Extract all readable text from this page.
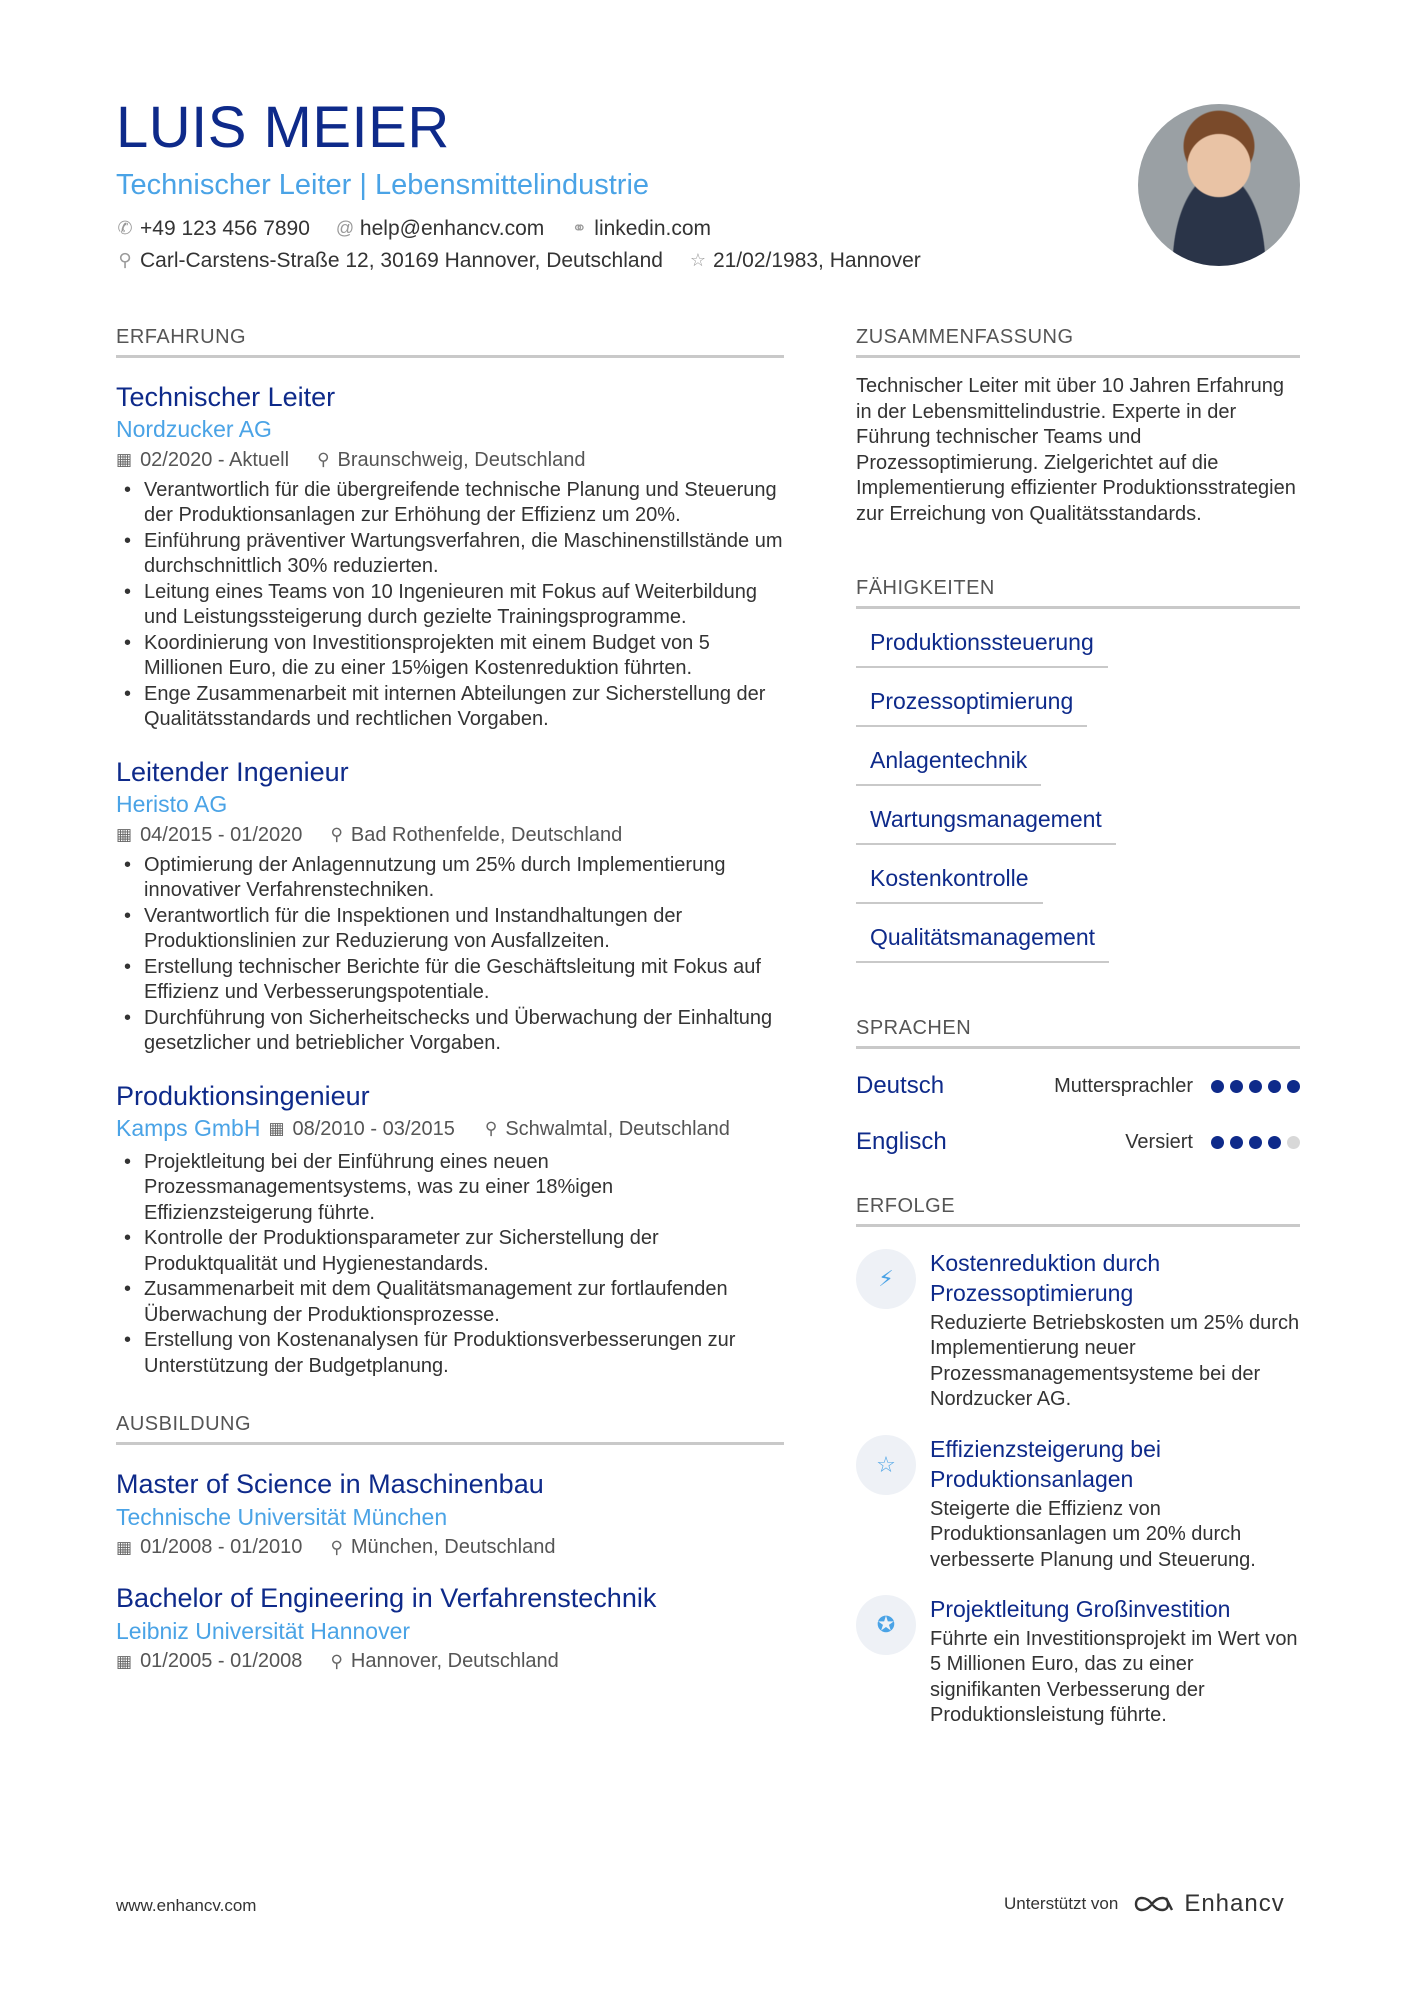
LUIS MEIER
Technischer Leiter | Lebensmittelindustrie
✆ +49 123 456 7890 @ help@enhancv.com ⚭ linkedin.com
⚲ Carl-Carstens-Straße 12, 30169 Hannover, Deutschland ☆ 21/02/1983, Hannover
ERFAHRUNG
Technischer Leiter
Nordzucker AG
▦ 02/2020 - Aktuell ⚲ Braunschweig, Deutschland
• Verantwortlich für die übergreifende technische Planung und Steuerung der Produktionsanlagen zur Erhöhung der Effizienz um 20%.
• Einführung präventiver Wartungsverfahren, die Maschinenstillstände um durchschnittlich 30% reduzierten.
• Leitung eines Teams von 10 Ingenieuren mit Fokus auf Weiterbildung und Leistungssteigerung durch gezielte Trainingsprogramme.
• Koordinierung von Investitionsprojekten mit einem Budget von 5 Millionen Euro, die zu einer 15%igen Kostenreduktion führten.
• Enge Zusammenarbeit mit internen Abteilungen zur Sicherstellung der Qualitätsstandards und rechtlichen Vorgaben.
Leitender Ingenieur
Heristo AG
▦ 04/2015 - 01/2020 ⚲ Bad Rothenfelde, Deutschland
• Optimierung der Anlagennutzung um 25% durch Implementierung innovativer Verfahrenstechniken.
• Verantwortlich für die Inspektionen und Instandhaltungen der Produktionslinien zur Reduzierung von Ausfallzeiten.
• Erstellung technischer Berichte für die Geschäftsleitung mit Fokus auf Effizienz und Verbesserungspotentiale.
• Durchführung von Sicherheitschecks und Überwachung der Einhaltung gesetzlicher und betrieblicher Vorgaben.
Produktionsingenieur
Kamps GmbH ▦ 08/2010 - 03/2015 ⚲ Schwalmtal, Deutschland
• Projektleitung bei der Einführung eines neuen Prozessmanagementsystems, was zu einer 18%igen Effizienzsteigerung führte.
• Kontrolle der Produktionsparameter zur Sicherstellung der Produktqualität und Hygienestandards.
• Zusammenarbeit mit dem Qualitätsmanagement zur fortlaufenden Überwachung der Produktionsprozesse.
• Erstellung von Kostenanalysen für Produktionsverbesserungen zur Unterstützung der Budgetplanung.
AUSBILDUNG
Master of Science in Maschinenbau
Technische Universität München
▦ 01/2008 - 01/2010 ⚲ München, Deutschland
Bachelor of Engineering in Verfahrenstechnik
Leibniz Universität Hannover
▦ 01/2005 - 01/2008 ⚲ Hannover, Deutschland
ZUSAMMENFASSUNG
Technischer Leiter mit über 10 Jahren Erfahrung in der Lebensmittelindustrie. Experte in der Führung technischer Teams und Prozessoptimierung. Zielgerichtet auf die Implementierung effizienter Produktionsstrategien zur Erreichung von Qualitätsstandards.
FÄHIGKEITEN
Produktionssteuerung
Prozessoptimierung
Anlagentechnik
Wartungsmanagement
Kostenkontrolle
Qualitätsmanagement
SPRACHEN
Deutsch	Muttersprachler
Englisch	Versiert
ERFOLGE
⚡
Kostenreduktion durch Prozessoptimierung
Reduzierte Betriebskosten um 25% durch Implementierung neuer Prozessmanagementsysteme bei der Nordzucker AG.
☆
Effizienzsteigerung bei Produktionsanlagen
Steigerte die Effizienz von Produktionsanlagen um 20% durch verbesserte Planung und Steuerung.
✪
Projektleitung Großinvestition
Führte ein Investitionsprojekt im Wert von 5 Millionen Euro, das zu einer signifikanten Verbesserung der Produktionsleistung führte.
www.enhancv.com	Unterstützt von	Enhancv
